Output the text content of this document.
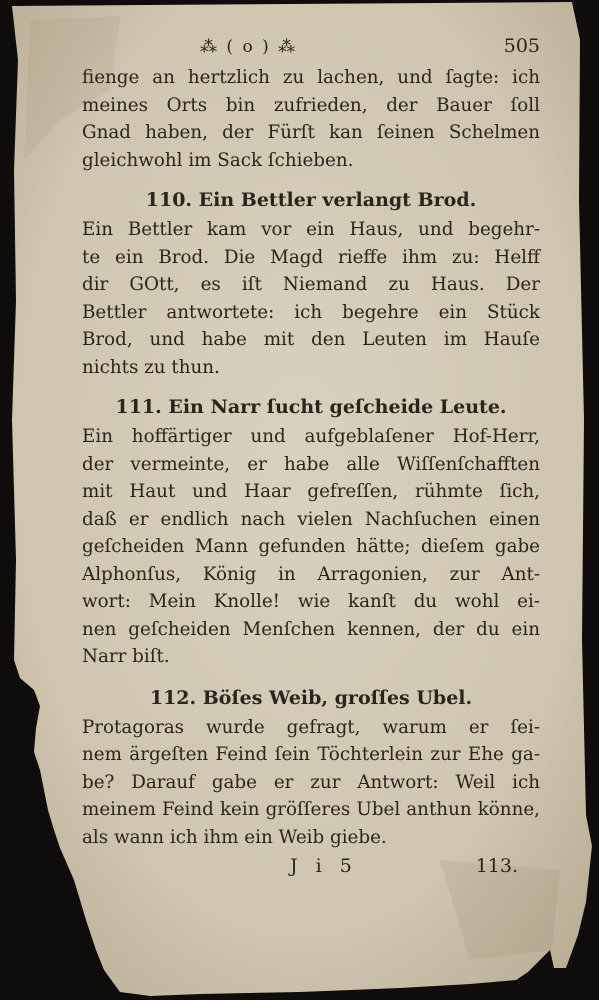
⁂ ( o ) ⁂	505
fienge an hertzlich zu lachen, und ſagte: ich
meines Orts bin zufrieden, der Bauer ſoll
Gnad haben, der Fürſt kan ſeinen Schelmen
gleichwohl im Sack ſchieben.
110. Ein Bettler verlangt Brod.
Ein Bettler kam vor ein Haus, und begehr-
te ein Brod. Die Magd rieffe ihm zu: Helff
dir GOtt, es iſt Niemand zu Haus. Der
Bettler antwortete: ich begehre ein Stück
Brod, und habe mit den Leuten im Hauſe
nichts zu thun.
111. Ein Narr ſucht geſcheide Leute.
Ein hoffärtiger und aufgeblaſener Hof-Herr,
der vermeinte, er habe alle Wiſſenſchafften
mit Haut und Haar gefreſſen, rühmte ſich,
daß er endlich nach vielen Nachſuchen einen
geſcheiden Mann gefunden hätte; dieſem gabe
Alphonſus, König in Arragonien, zur Ant-
wort: Mein Knolle! wie kanſt du wohl ei-
nen geſcheiden Menſchen kennen, der du ein
Narr biſt.
112. Böſes Weib, groſſes Ubel.
Protagoras wurde gefragt, warum er ſei-
nem ärgeſten Feind ſein Töchterlein zur Ehe ga-
be? Darauf gabe er zur Antwort: Weil ich
meinem Feind kein gröſſeres Ubel anthun könne,
als wann ich ihm ein Weib giebe.
J i 5	113.
